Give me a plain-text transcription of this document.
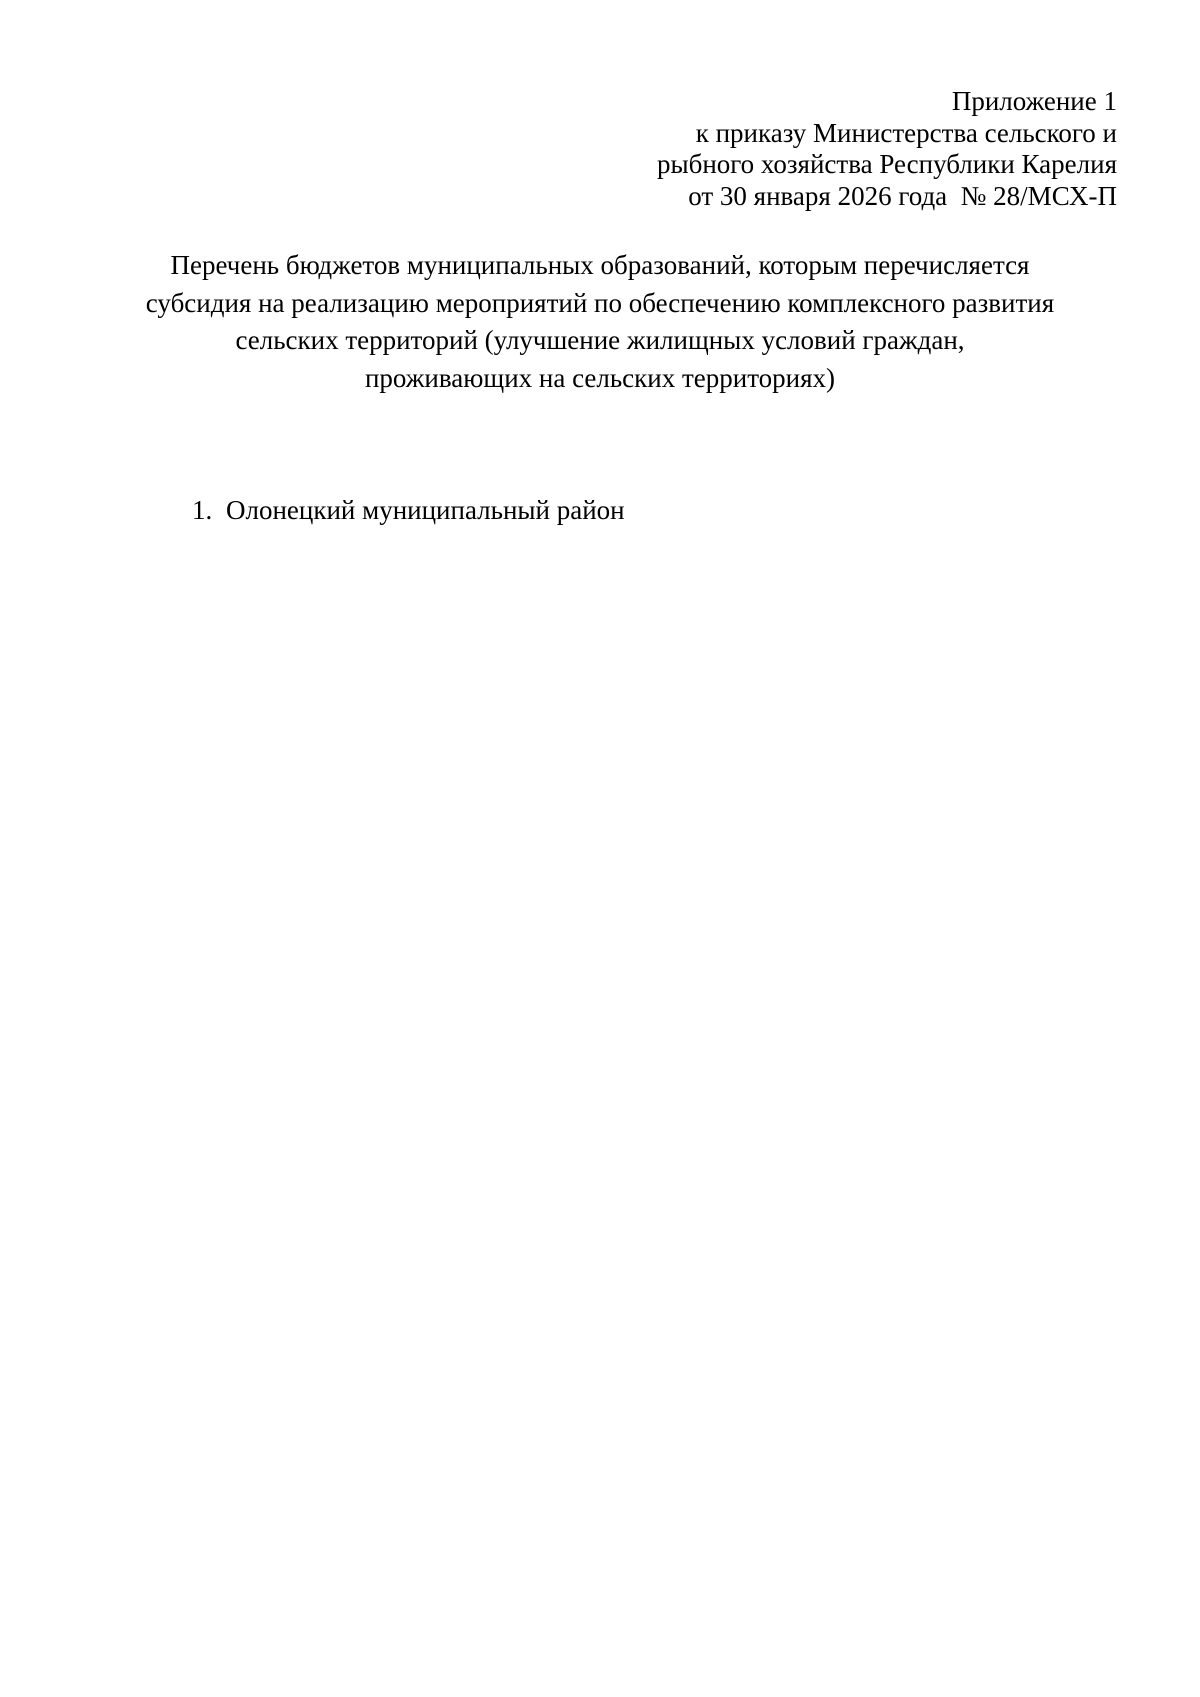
Приложение 1
к приказу Министерства сельского и
рыбного хозяйства Республики Карелия
от 30 января 2026 года  № 28/МСХ-П
Перечень бюджетов муниципальных образований, которым перечисляется
субсидия на реализацию мероприятий по обеспечению комплексного развития
сельских территорий (улучшение жилищных условий граждан,
проживающих на сельских территориях)
1. Олонецкий муниципальный район
